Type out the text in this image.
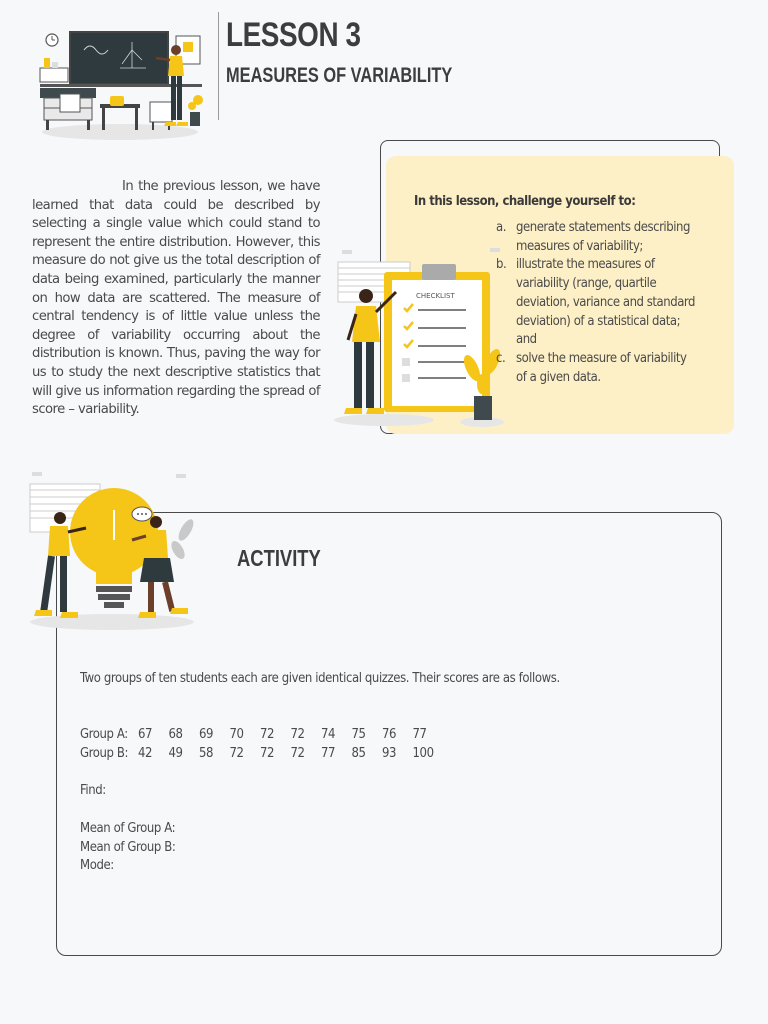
LESSON 3
MEASURES OF VARIABILITY
In the previous lesson, we have learned that data could be described by selecting a single value which could stand to represent the entire distribution. However, this measure do not give us the total description of data being examined, particularly the manner on how data are scattered. The measure of central tendency is of little value unless the degree of variability occurring about the distribution is known. Thus, paving the way for us to study the next descriptive statistics that will give us information regarding the spread of score – variability.
CHECKLIST
In this lesson, challenge yourself to:
a. generate statements describing measures of variability;
b. illustrate the measures of variability (range, quartile deviation, variance and standard deviation) of a statistical data; and
c. solve the measure of variability of a given data.
ACTIVITY
Two groups of ten students each are given identical quizzes. Their scores are as follows.
Group A: 67 68 69 70 72 72 74 75 76 77
Group B: 42 49 58 72 72 72 77 85 93 100
Find:
Mean of Group A:
Mean of Group B:
Mode:
